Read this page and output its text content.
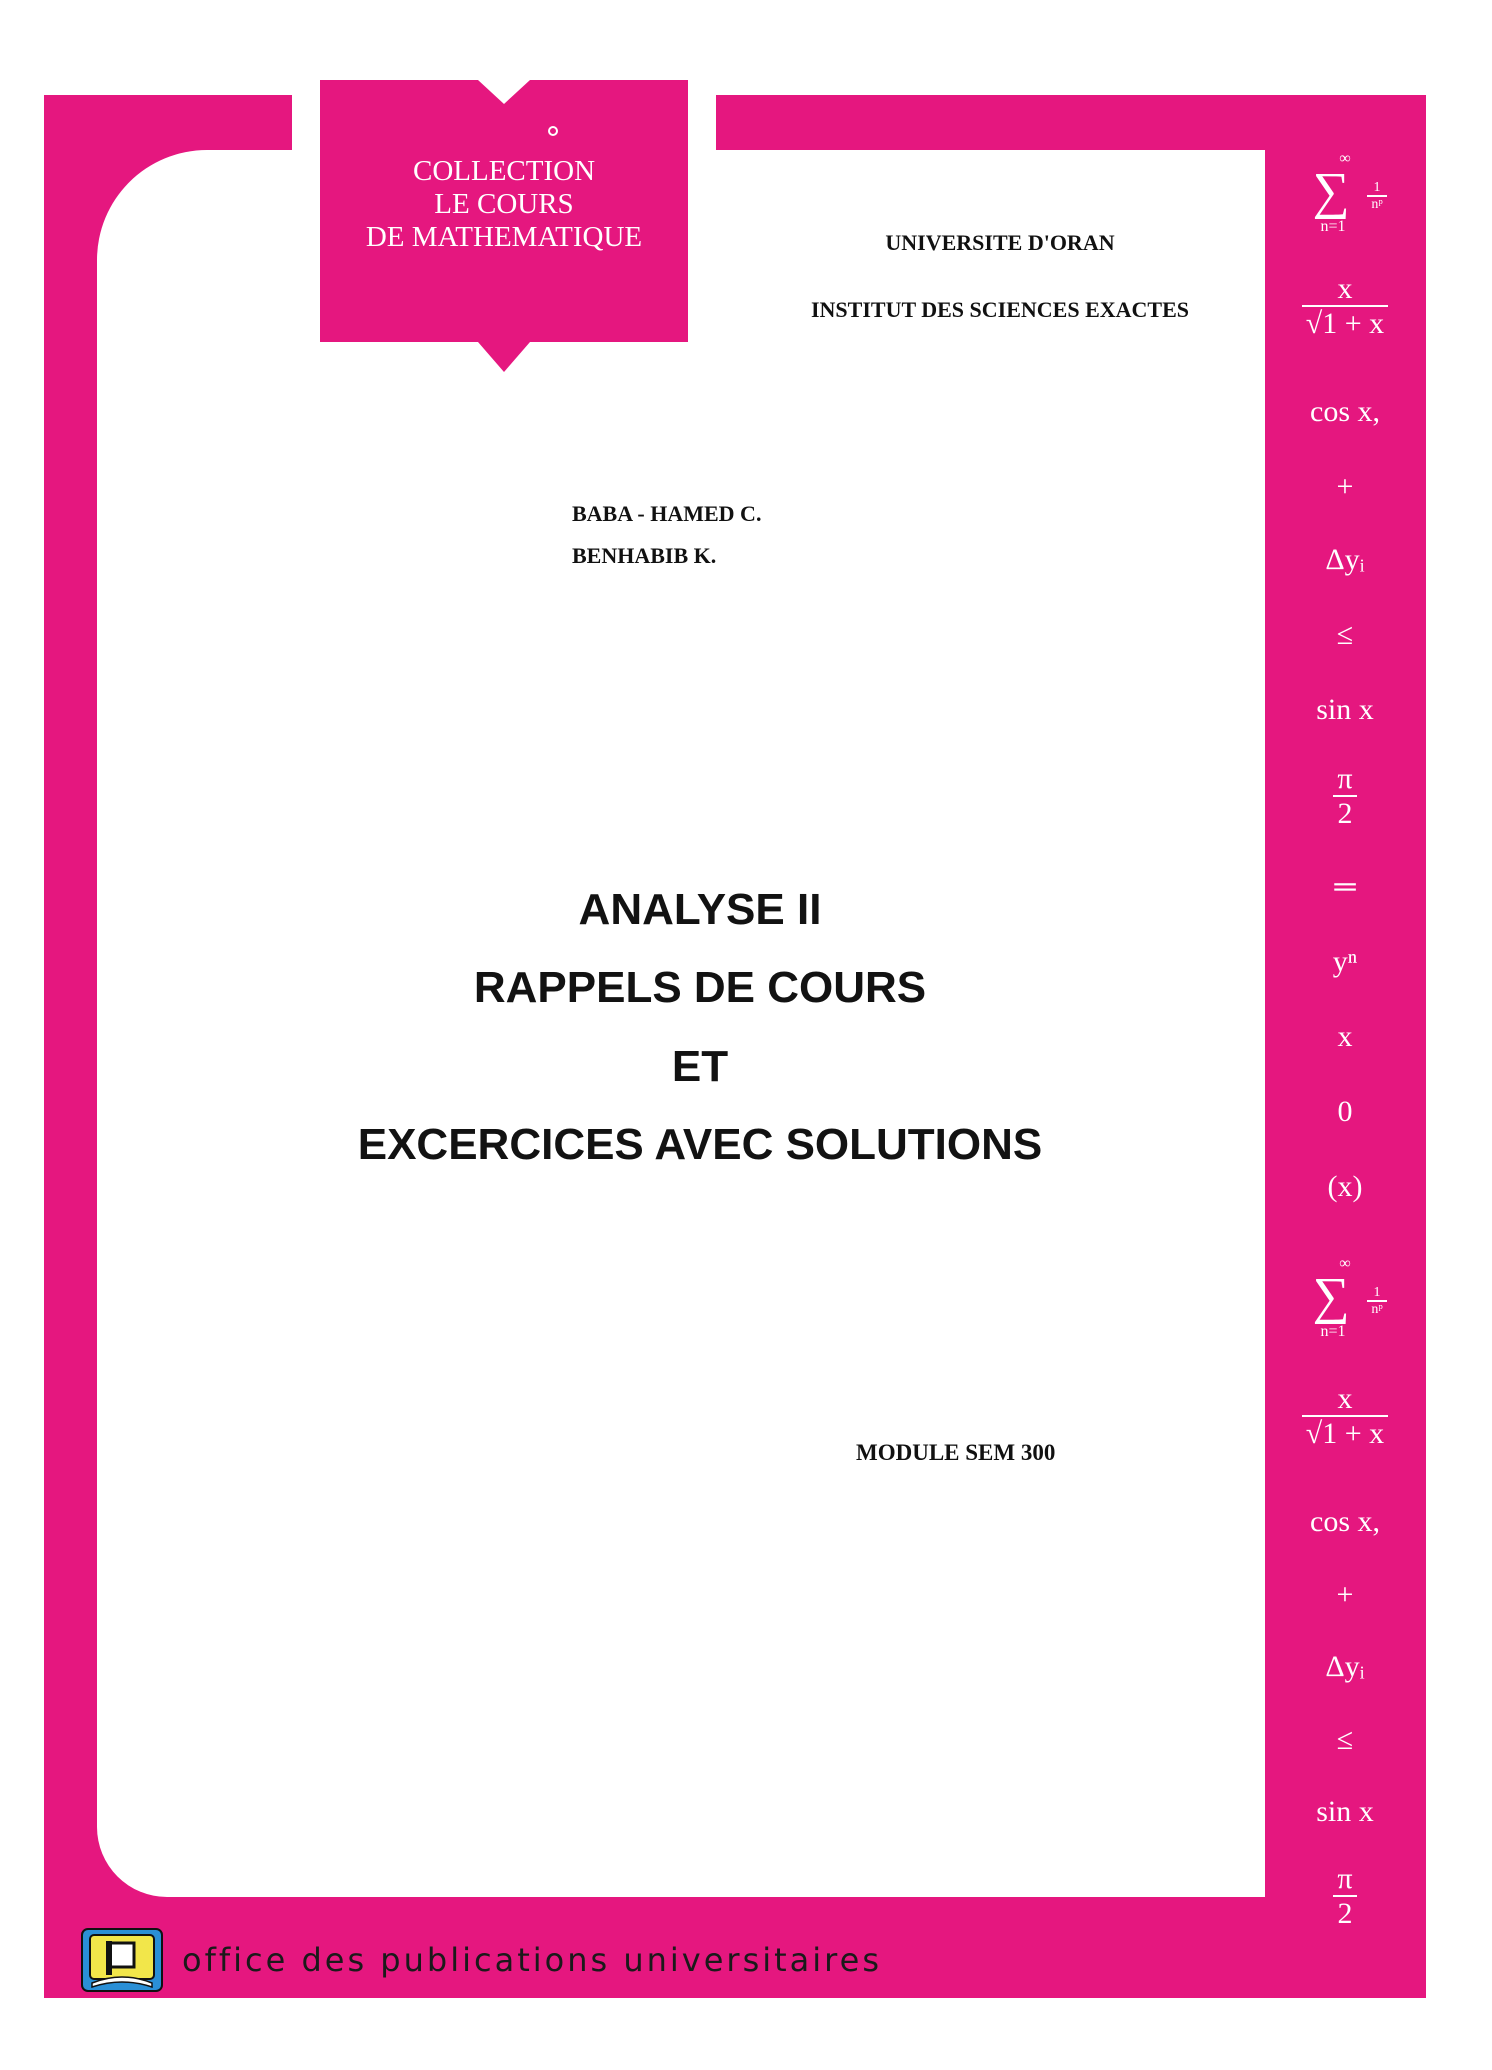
COLLECTION
LE COURS
DE MATHEMATIQUE	UNIVERSITE D'ORAN
INSTITUT DES SCIENCES EXACTES
BABA - HAMED C.
BENHABIB K.
ANALYSE II
RAPPELS DE COURS
ET
EXCERCICES AVEC SOLUTIONS
MODULE SEM 300
∞
∑	$\frac{1}{\text{nᵖ}}$
n=1
$\frac{x}{√1 + x}$
cos x,
+
Δyᵢ
≤
sin x
$\frac{\pi}{2}$
═
yⁿ
x
0
(x)
∞
∑	$\frac{1}{\text{nᵖ}}$
n=1
$\frac{x}{√1 + x}$
cos x,
+
Δyᵢ
≤
sin x
$\frac{\pi}{2}$
office des publications universitaires
